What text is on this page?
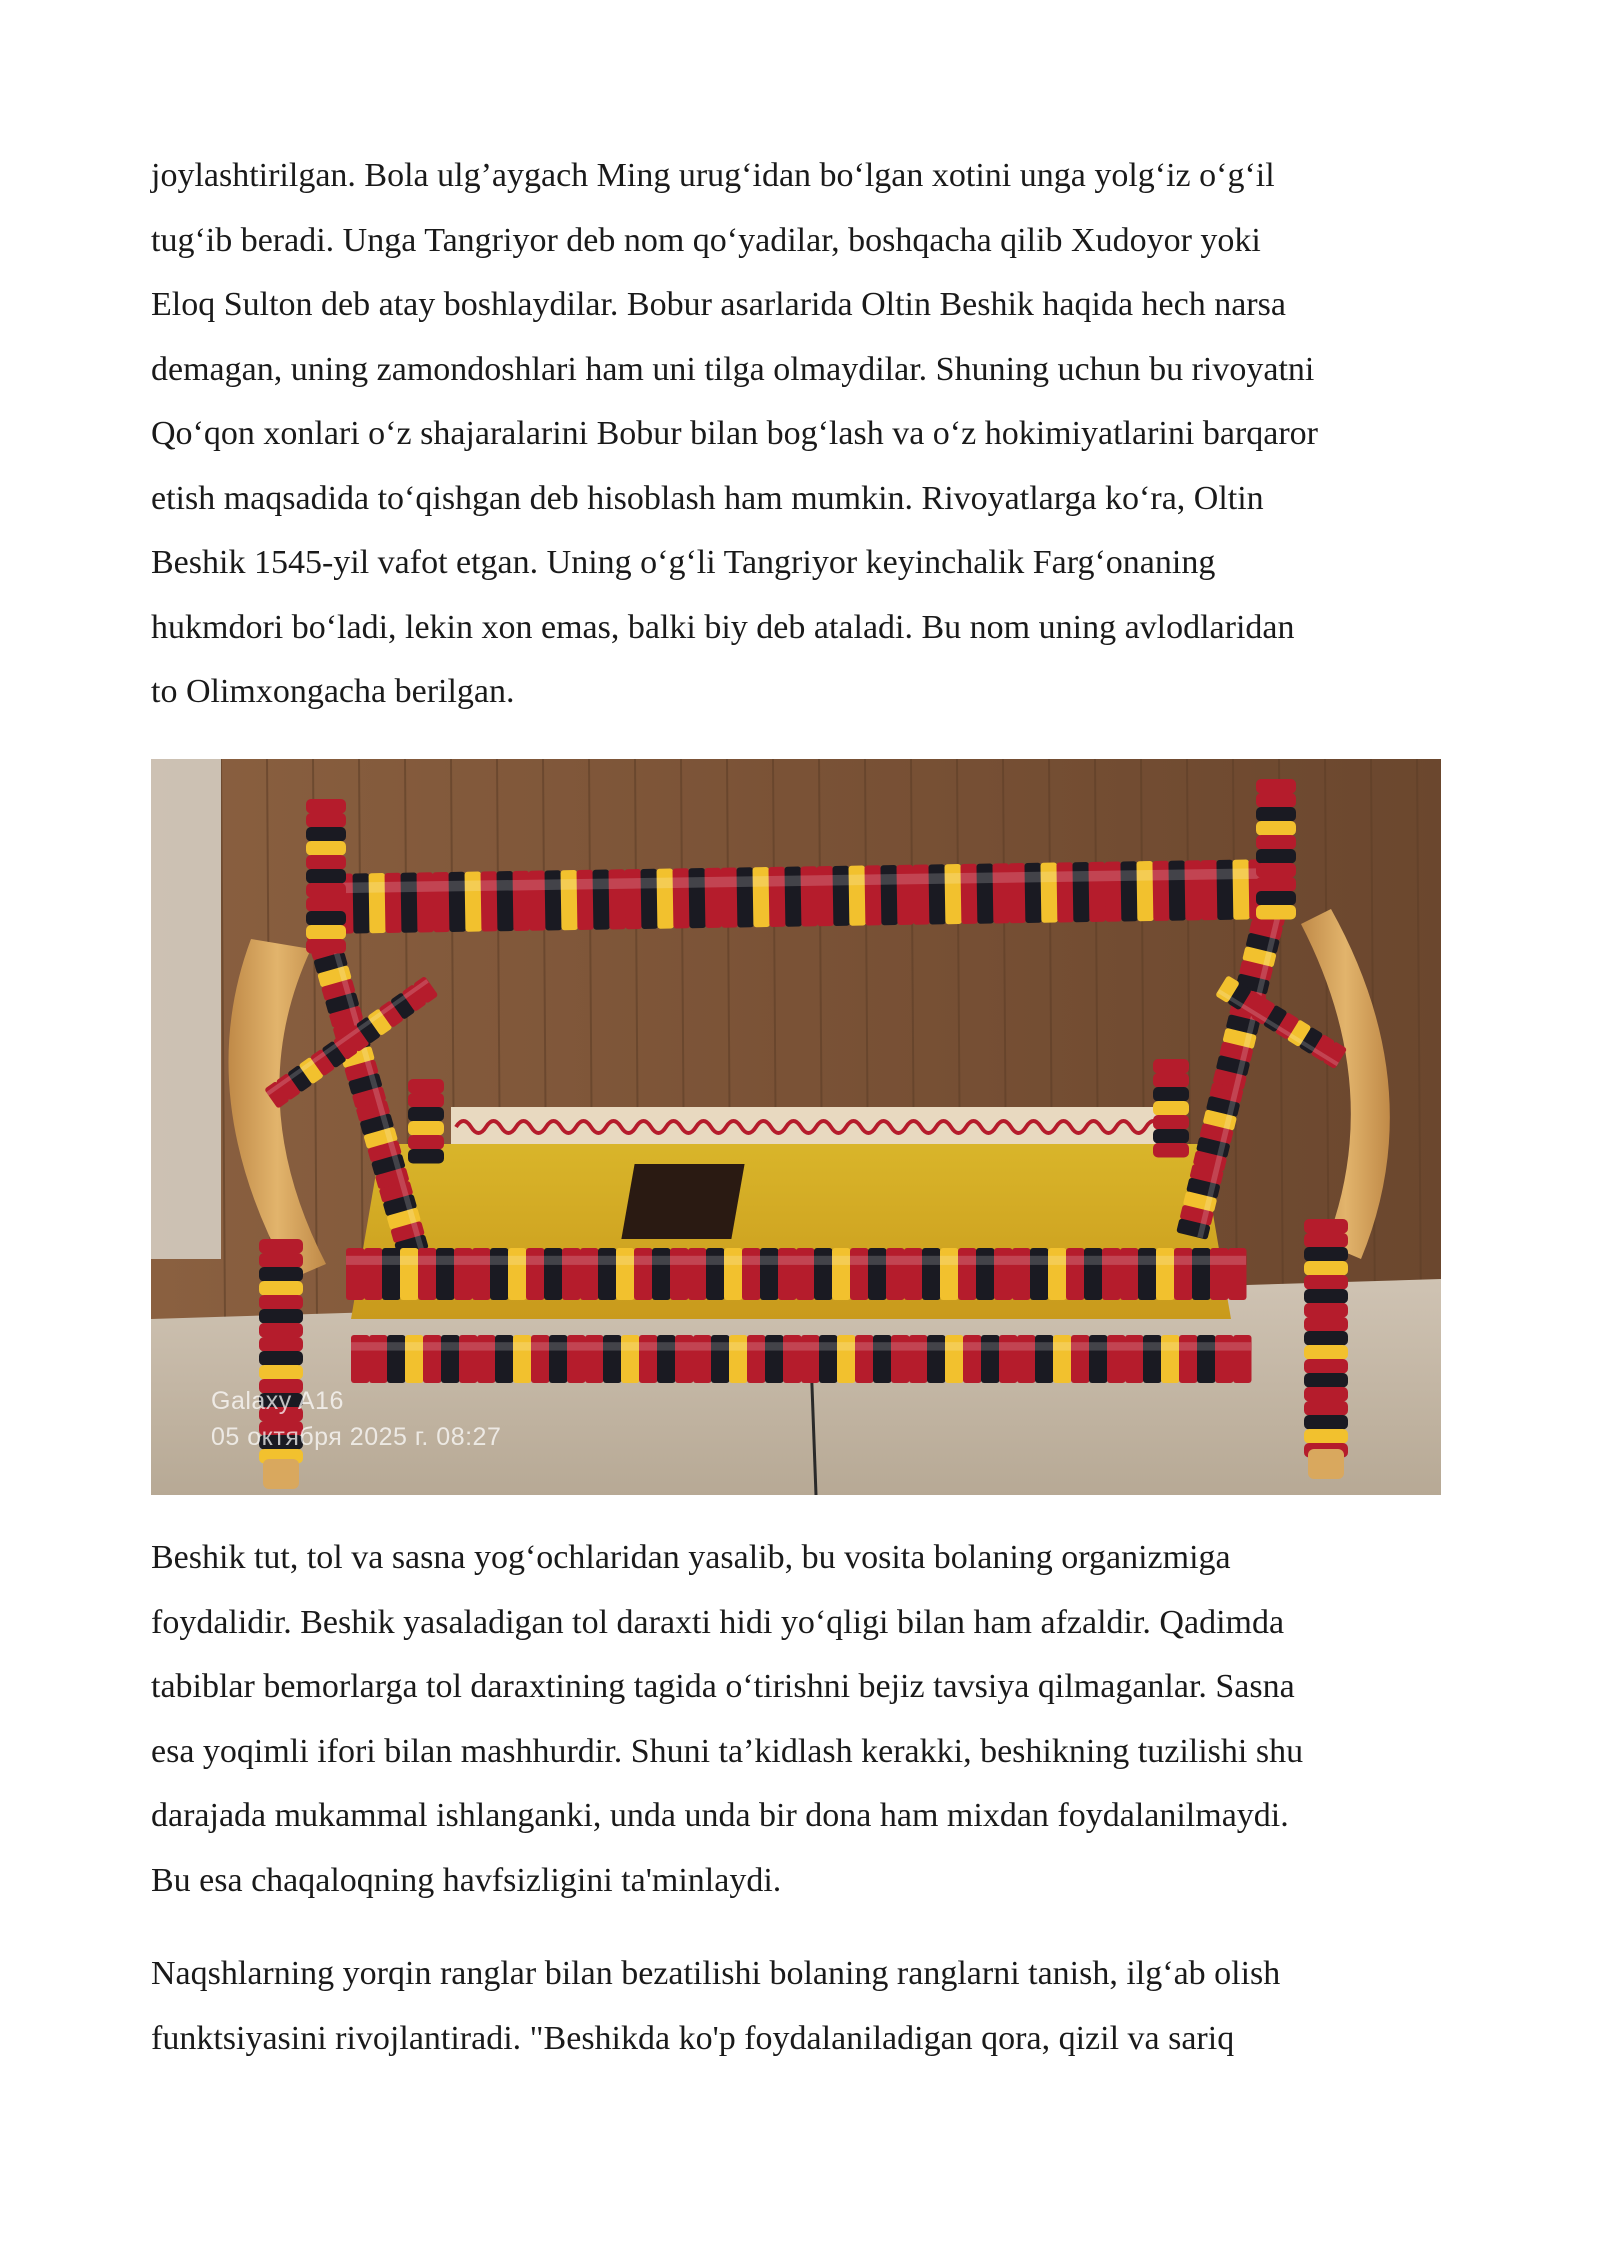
joylashtirilgan. Bola ulg’aygach Ming urug‘idan bo‘lgan xotini unga yolg‘iz o‘g‘il
tug‘ib beradi. Unga Tangriyor deb nom qo‘yadilar, boshqacha qilib Xudoyor yoki
Eloq Sulton deb atay boshlaydilar. Bobur asarlarida Oltin Beshik haqida hech narsa
demagan, uning zamondoshlari ham uni tilga olmaydilar. Shuning uchun bu rivoyatni
Qo‘qon xonlari o‘z shajaralarini Bobur bilan bog‘lash va o‘z hokimiyatlarini barqaror
etish maqsadida to‘qishgan deb hisoblash ham mumkin. Rivoyatlarga ko‘ra, Oltin
Beshik 1545-yil vafot etgan. Uning o‘g‘li Tangriyor keyinchalik Farg‘onaning
hukmdori bo‘ladi, lekin xon emas, balki biy deb ataladi. Bu nom uning avlodlaridan
to Olimxongacha berilgan.

Galaxy A16
05 октября 2025 г. 08:27

Beshik tut, tol va sasna yog‘ochlaridan yasalib, bu vosita bolaning organizmiga
foydalidir. Beshik yasaladigan tol daraxti hidi yo‘qligi bilan ham afzaldir. Qadimda
tabiblar bemorlarga tol daraxtining tagida o‘tirishni bejiz tavsiya qilmaganlar. Sasna
esa yoqimli ifori bilan mashhurdir. Shuni ta’kidlash kerakki, beshikning tuzilishi shu
darajada mukammal ishlanganki, unda unda bir dona ham mixdan foydalanilmaydi.
Bu esa chaqaloqning havfsizligini ta'minlaydi.

Naqshlarning yorqin ranglar bilan bezatilishi bolaning ranglarni tanish, ilg‘ab olish
funktsiyasini rivojlantiradi. "Beshikda ko'p foydalaniladigan qora, qizil va sariq
